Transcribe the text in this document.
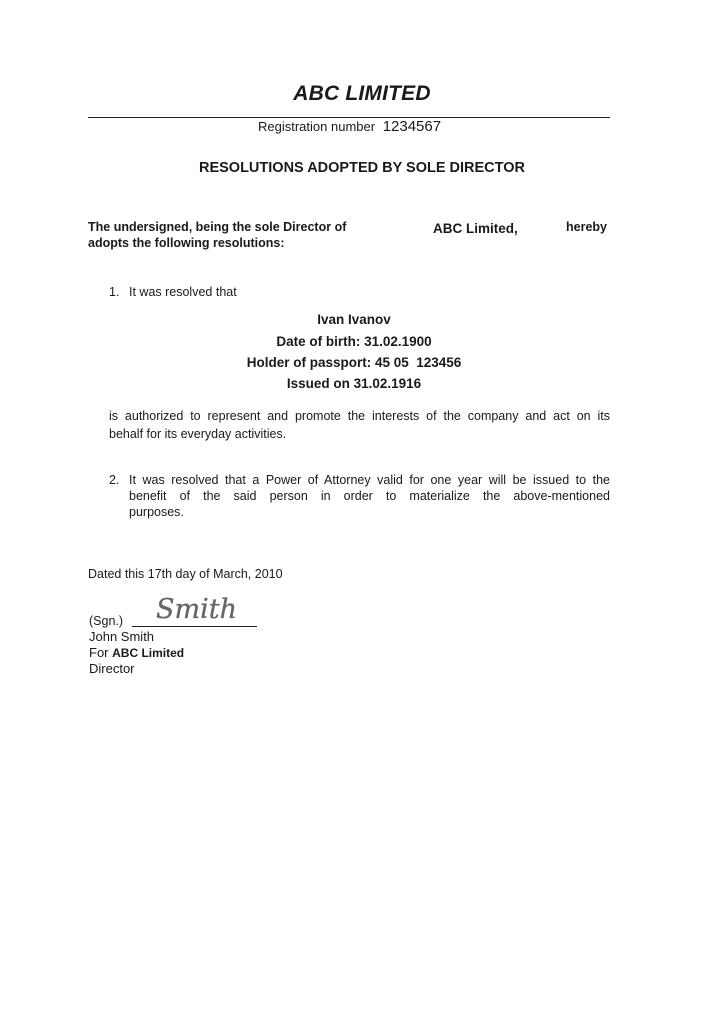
ABC LIMITED
Registration number 1234567
RESOLUTIONS ADOPTED BY SOLE DIRECTOR
The undersigned, being the sole Director of	ABC Limited,	hereby
adopts the following resolutions:
1. It was resolved that
Ivan Ivanov
Date of birth: 31.02.1900
Holder of passport: 45 05  123456
Issued on 31.02.1916
is authorized to represent and promote the interests of the company and act on its
behalf for its everyday activities.
2. It was resolved that a Power of Attorney valid for one year will be issued to the
benefit of the said person in order to materialize the above-mentioned
purposes.
Dated this 17th day of March, 2010
Smith
(Sgn.)
John Smith
For ABC Limited
Director
